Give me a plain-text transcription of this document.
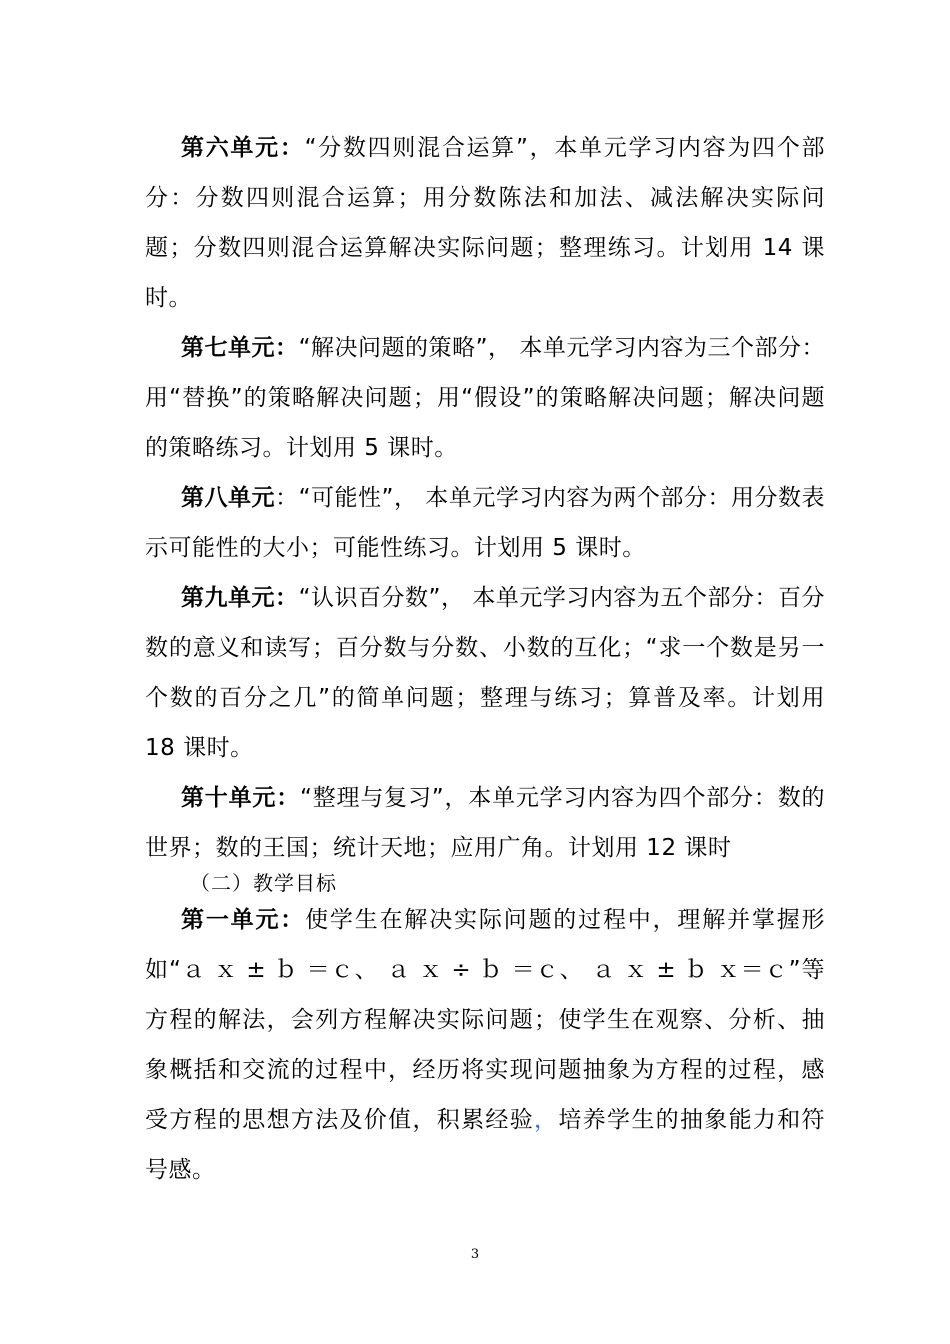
第六单元：“分数四则混合运算”，本单元学习内容为四个部分：分数四则混合运算；用分数陈法和加法、减法解决实际问题；分数四则混合运算解决实际问题；整理练习。计划用 14 课时。

第七单元：“解决问题的策略”， 本单元学习内容为三个部分：用“替换”的策略解决问题；用“假设”的策略解决问题；解决问题的策略练习。计划用 5 课时。

第八单元：“可能性”， 本单元学习内容为两个部分：用分数表示可能性的大小；可能性练习。计划用 5 课时。

第九单元：“认识百分数”， 本单元学习内容为五个部分：百分数的意义和读写；百分数与分数、小数的互化；“求一个数是另一个数的百分之几”的简单问题；整理与练习；算普及率。计划用 18 课时。

第十单元：“整理与复习”，本单元学习内容为四个部分：数的世界；数的王国；统计天地；应用广角。计划用 12 课时

（二）教学目标

第一单元：使学生在解决实际问题的过程中，理解并掌握形如“ａ ｘ ± ｂ ＝ｃ、 ａ ｘ ÷ ｂ ＝ｃ、 ａ ｘ ± ｂ ｘ＝ｃ”等方程的解法，会列方程解决实际问题；使学生在观察、分析、抽象概括和交流的过程中，经历将实现问题抽象为方程的过程，感受方程的思想方法及价值，积累经验，培养学生的抽象能力和符号感。

3
